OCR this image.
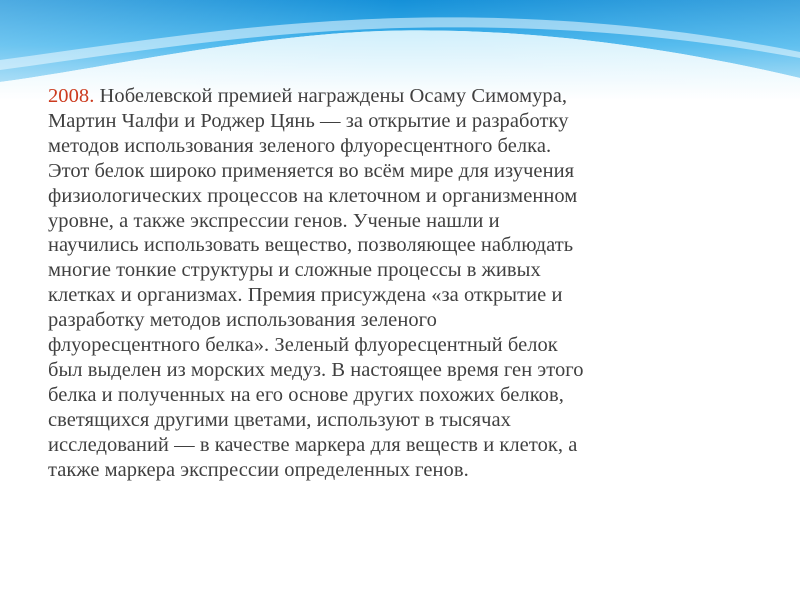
2008. Нобелевской премией награждены Осаму Симомура,
Мартин Чалфи и Роджер Цянь — за открытие и разработку
методов использования зеленого флуоресцентного белка.
Этот белок широко применяется во всём мире для изучения
физиологических процессов на клеточном и организменном
уровне, а также экспрессии генов. Ученые нашли и
научились использовать вещество, позволяющее наблюдать
многие тонкие структуры и сложные процессы в живых
клетках и организмах. Премия присуждена «за открытие и
разработку методов использования зеленого
флуоресцентного белка». Зеленый флуоресцентный белок
был выделен из морских медуз. В настоящее время ген этого
белка и полученных на его основе других похожих белков,
светящихся другими цветами, используют в тысячах
исследований — в качестве маркера для веществ и клеток, а
также маркера экспрессии определенных генов.
